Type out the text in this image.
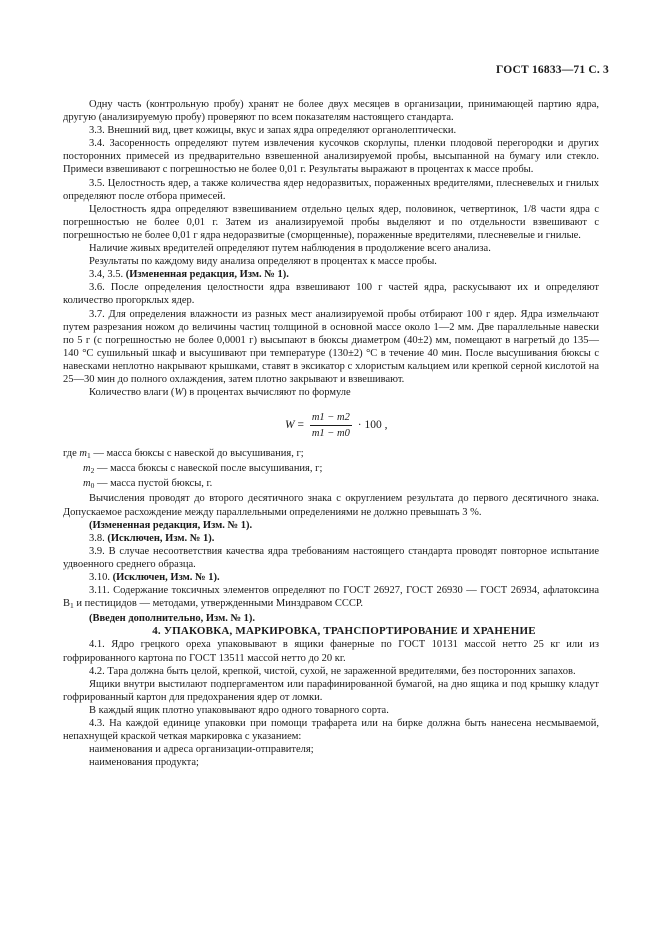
ГОСТ 16833—71 С. 3

Одну часть (контрольную пробу) хранят не более двух месяцев в организации, принимающей партию ядра, другую (анализируемую пробу) проверяют по всем показателям настоящего стандарта.

3.3. Внешний вид, цвет кожицы, вкус и запах ядра определяют органолептически.

3.4. Засоренность определяют путем извлечения кусочков скорлупы, пленки плодовой перегородки и других посторонних примесей из предварительно взвешенной анализируемой пробы, высыпанной на бумагу или стекло. Примеси взвешивают с погрешностью не более 0,01 г. Результаты выражают в процентах к массе пробы.

3.5. Целостность ядер, а также количества ядер недоразвитых, пораженных вредителями, плесневелых и гнилых определяют после отбора примесей.

Целостность ядра определяют взвешиванием отдельно целых ядер, половинок, четвертинок, 1/8 части ядра с погрешностью не более 0,01 г. Затем из анализируемой пробы выделяют и по отдельности взвешивают с погрешностью не более 0,01 г ядра недоразвитые (сморщенные), пораженные вредителями, плесневелые и гнилые.

Наличие живых вредителей определяют путем наблюдения в продолжение всего анализа.

Результаты по каждому виду анализа определяют в процентах к массе пробы.

3.4, 3.5. (Измененная редакция, Изм. № 1).

3.6. После определения целостности ядра взвешивают 100 г частей ядра, раскусывают их и определяют количество прогорклых ядер.

3.7. Для определения влажности из разных мест анализируемой пробы отбирают 100 г ядер. Ядра измельчают путем разрезания ножом до величины частиц толщиной в основной массе около 1—2 мм. Две параллельные навески по 5 г (с погрешностью не более 0,0001 г) высыпают в бюксы диаметром (40±2) мм, помещают в нагретый до 135—140 °С сушильный шкаф и высушивают при температуре (130±2) °С в течение 40 мин. После высушивания бюксы с навесками неплотно накрывают крышками, ставят в эксикатор с хлористым кальцием или крепкой серной кислотой на 25—30 мин до полного охлаждения, затем плотно закрывают и взвешивают.

Количество влаги (W) в процентах вычисляют по формуле

$W = \frac{m1 - m2}{m1 - m0} \cdot 100$ ,
где $m_1$ — масса бюксы с навеской до высушивания, г;
$m_2$ — масса бюксы с навеской после высушивания, г;
$m_0$ — масса пустой бюксы, г.

Вычисления проводят до второго десятичного знака с округлением результата до первого десятичного знака. Допускаемое расхождение между параллельными определениями не должно превышать 3 %.

(Измененная редакция, Изм. № 1).

3.8. (Исключен, Изм. № 1).

3.9. В случае несоответствия качества ядра требованиям настоящего стандарта проводят повторное испытание удвоенного среднего образца.

3.10. (Исключен, Изм. № 1).

3.11. Содержание токсичных элементов определяют по ГОСТ 26927, ГОСТ 26930 — ГОСТ 26934, афлатоксина $B_1$ и пестицидов — методами, утвержденными Минздравом СССР.

(Введен дополнительно, Изм. № 1).

4. УПАКОВКА, МАРКИРОВКА, ТРАНСПОРТИРОВАНИЕ И ХРАНЕНИЕ

4.1. Ядро грецкого ореха упаковывают в ящики фанерные по ГОСТ 10131 массой нетто 25 кг или из гофрированного картона по ГОСТ 13511 массой нетто до 20 кг.

4.2. Тара должна быть целой, крепкой, чистой, сухой, не зараженной вредителями, без посторонних запахов.

Ящики внутри выстилают подпергаментом или парафинированной бумагой, на дно ящика и под крышку кладут гофрированный картон для предохранения ядер от ломки.

В каждый ящик плотно упаковывают ядро одного товарного сорта.

4.3. На каждой единице упаковки при помощи трафарета или на бирке должна быть нанесена несмываемой, непахнущей краской четкая маркировка с указанием:

наименования и адреса организации-отправителя;

наименования продукта;
